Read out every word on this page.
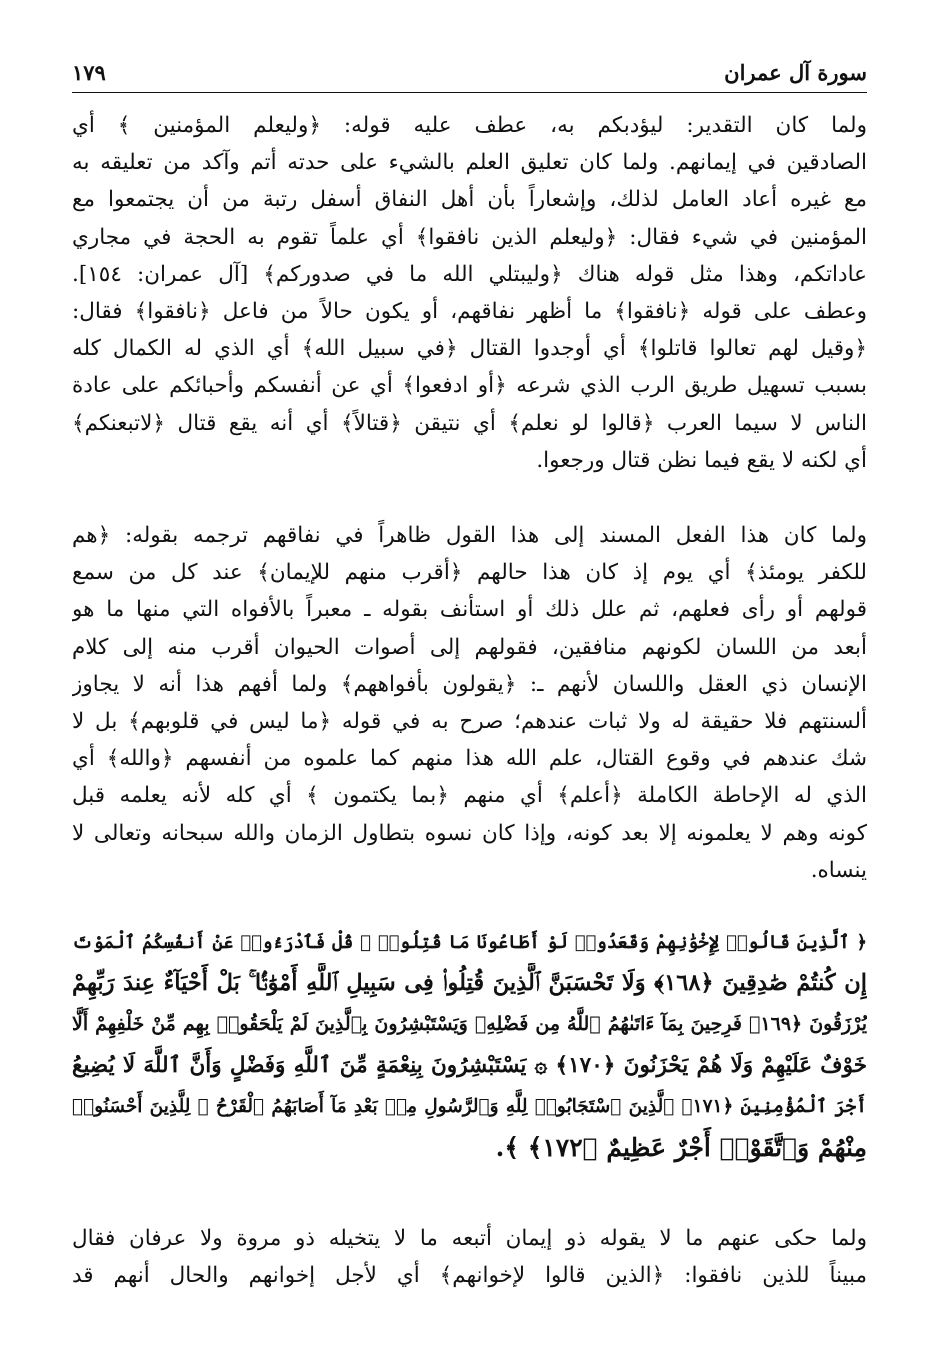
سورة آل عمران
١٧٩
ولما كان التقدير: ليؤدبكم به، عطف عليه قوله: ﴿وليعلم المؤمنين ﴾ أي
الصادقين في إيمانهم. ولما كان تعليق العلم بالشيء على حدته أتم وآكد من تعليقه به
مع غيره أعاد العامل لذلك، وإشعاراً بأن أهل النفاق أسفل رتبة من أن يجتمعوا مع
المؤمنين في شيء فقال: ﴿وليعلم الذين نافقوا﴾ أي علماً تقوم به الحجة في مجاري
عاداتكم، وهذا مثل قوله هناك ﴿وليبتلي الله ما في صدوركم﴾ [آل عمران: ١٥٤].
وعطف على قوله ﴿نافقوا﴾ ما أظهر نفاقهم، أو يكون حالاً من فاعل ﴿نافقوا﴾ فقال:
﴿وقيل لهم تعالوا قاتلوا﴾ أي أوجدوا القتال ﴿في سبيل الله﴾ أي الذي له الكمال كله
بسبب تسهيل طريق الرب الذي شرعه ﴿أو ادفعوا﴾ أي عن أنفسكم وأحبائكم على عادة
الناس لا سيما العرب ﴿قالوا لو نعلم﴾ أي نتيقن ﴿قتالاً﴾ أي أنه يقع قتال ﴿لاتبعنكم﴾
أي لكنه لا يقع فيما نظن قتال ورجعوا.
ولما كان هذا الفعل المسند إلى هذا القول ظاهراً في نفاقهم ترجمه بقوله: ﴿هم
للكفر يومئذ﴾ أي يوم إذ كان هذا حالهم ﴿أقرب منهم للإيمان﴾ عند كل من سمع
قولهم أو رأى فعلهم، ثم علل ذلك أو استأنف بقوله ـ معبراً بالأفواه التي منها ما هو
أبعد من اللسان لكونهم منافقين، فقولهم إلى أصوات الحيوان أقرب منه إلى كلام
الإنسان ذي العقل واللسان لأنهم ـ: ﴿يقولون بأفواههم﴾ ولما أفهم هذا أنه لا يجاوز
ألسنتهم فلا حقيقة له ولا ثبات عندهم؛ صرح به في قوله ﴿ما ليس في قلوبهم﴾ بل لا
شك عندهم في وقوع القتال، علم الله هذا منهم كما علموه من أنفسهم ﴿والله﴾ أي
الذي له الإحاطة الكاملة ﴿أعلم﴾ أي منهم ﴿بما يكتمون ﴾ أي كله لأنه يعلمه قبل
كونه وهم لا يعلمونه إلا بعد كونه، وإذا كان نسوه بتطاول الزمان والله سبحانه وتعالى لا
ينساه.
﴿ ٱلَّذِينَ قَالُوا۟ لِإِخْوَٰنِهِمْ وَقَعَدُوا۟ لَوْ أَطَاعُونَا مَا قُتِلُوا۟ ۗ قُلْ فَٱدْرَءُوا۟ عَنْ أَنفُسِكُمُ ٱلْمَوْتَ
إِن كُنتُمْ صَٰدِقِينَ ﴿١٦٨﴾ وَلَا تَحْسَبَنَّ ٱلَّذِينَ قُتِلُوا۟ فِى سَبِيلِ ٱللَّهِ أَمْوَٰتًۢا ۚ بَلْ أَحْيَآءٌ عِندَ رَبِّهِمْ
يُرْزَقُونَ ﴿١٦٩﴾ فَرِحِينَ بِمَآ ءَاتَىٰهُمُ ٱللَّهُ مِن فَضْلِهِۦ وَيَسْتَبْشِرُونَ بِٱلَّذِينَ لَمْ يَلْحَقُوا۟ بِهِم مِّنْ خَلْفِهِمْ أَلَّا
خَوْفٌ عَلَيْهِمْ وَلَا هُمْ يَحْزَنُونَ ﴿١٧٠﴾ ۞ يَسْتَبْشِرُونَ بِنِعْمَةٍ مِّنَ ٱللَّهِ وَفَضْلٍ وَأَنَّ ٱللَّهَ لَا يُضِيعُ
أَجْرَ ٱلْمُؤْمِنِينَ ﴿١٧١﴾ ٱلَّذِينَ ٱسْتَجَابُوا۟ لِلَّهِ وَٱلرَّسُولِ مِنۢ بَعْدِ مَآ أَصَابَهُمُ ٱلْقَرْحُ ۚ لِلَّذِينَ أَحْسَنُوا۟
مِنْهُمْ وَٱتَّقَوْا۟ أَجْرٌ عَظِيمٌ ﴿١٧٢﴾ ﴾.
ولما حكى عنهم ما لا يقوله ذو إيمان أتبعه ما لا يتخيله ذو مروة ولا عرفان فقال
مبيناً للذين نافقوا: ﴿الذين قالوا لإخوانهم﴾ أي لأجل إخوانهم والحال أنهم قد
